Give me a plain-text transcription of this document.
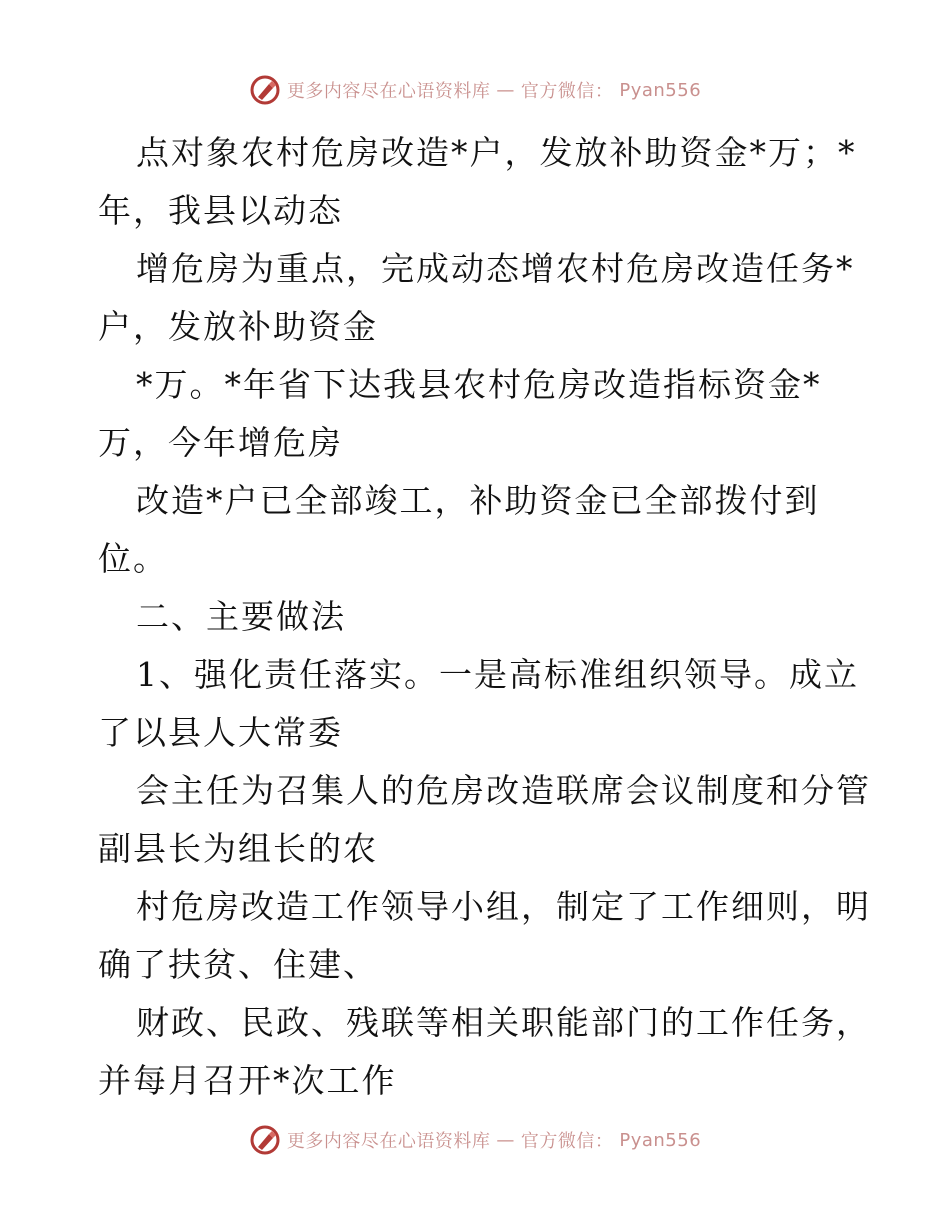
更多内容尽在心语资料库 — 官方微信： Pyan556
点对象农村危房改造*户，发放补助资金*万；*
年，我县以动态
增危房为重点，完成动态增农村危房改造任务*
户，发放补助资金
*万。*年省下达我县农村危房改造指标资金*
万，今年增危房
改造*户已全部竣工，补助资金已全部拨付到
位。
二、主要做法
1、强化责任落实。一是高标准组织领导。成立
了以县人大常委
会主任为召集人的危房改造联席会议制度和分管
副县长为组长的农
村危房改造工作领导小组，制定了工作细则，明
确了扶贫、住建、
财政、民政、残联等相关职能部门的工作任务，
并每月召开*次工作
更多内容尽在心语资料库 — 官方微信： Pyan556
